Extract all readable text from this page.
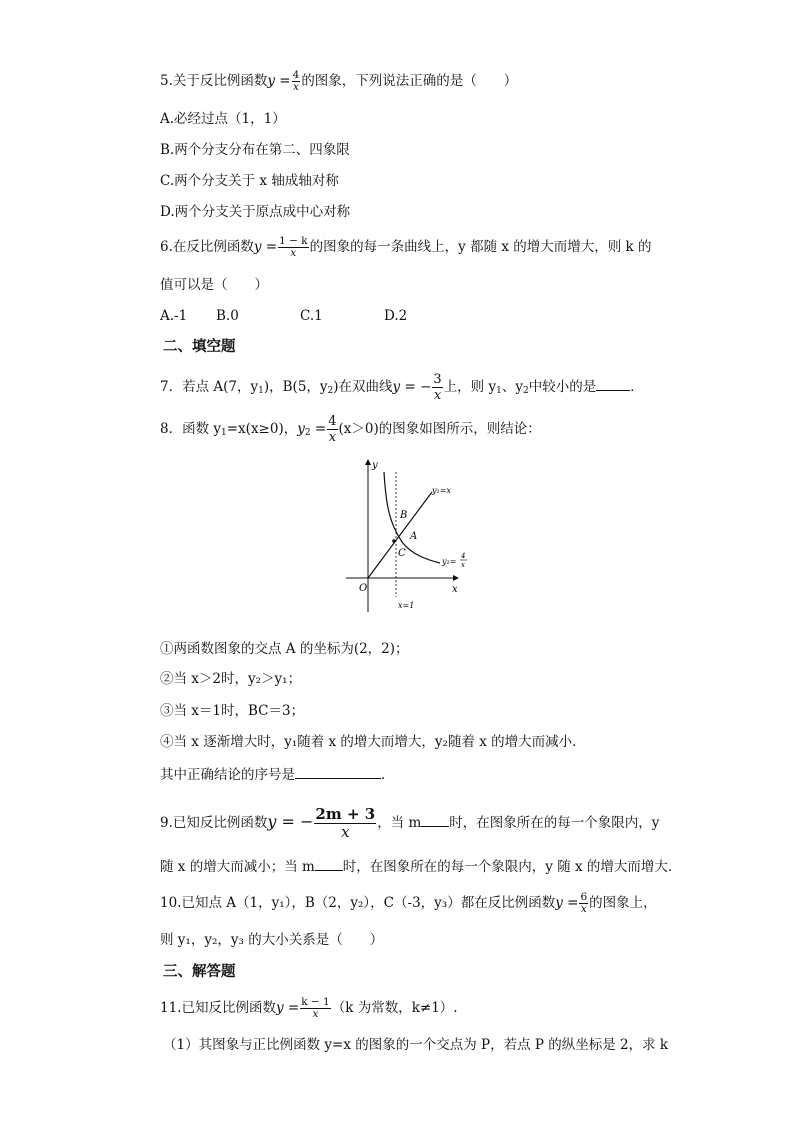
5.关于反比例函数$y = \frac{4}{x}$ 的图象，下列说法正确的是（　　）
A.必经过点（1，1）
B.两个分支分布在第二、四象限
C.两个分支关于 x 轴成轴对称
D.两个分支关于原点成中心对称
6.在反比例函数$y = \frac{1 - k}{x}$ 的图象的每一条曲线上，y 都随 x 的增大而增大，则 k 的
值可以是（　　）
A.-1 B.0	C.1	D.2
二、填空题
7．若点 A(7，$y_1$)，B(5，$y_2$)在双曲线y = − $\frac{3}{x}$ 上，则 $y_1$、$y_2$中较小的是	．
8．函数 $y_1=x(x\ge 0)$，$y_2 = \frac{4}{x} (x>0)$的图象如图所示，则结论：
y
x
O
B
A
C
y₁=x
y₂=
4
x
x=1
①两函数图象的交点 A 的坐标为(2，2)；
②当 x＞2时，y₂＞y₁；
③当 x＝1时，BC＝3；
④当 x 逐渐增大时，y₁随着 x 的增大而增大，y₂随着 x 的增大而减小．
其中正确结论的序号是	．
9.已知反比例函数y = − $\frac{2m + 3}{x}$ ，当 m 时，在图象所在的每一个象限内，y
随 x 的增大而减小；当 m 时，在图象所在的每一个象限内，y 随 x 的增大而增大.
10.已知点 A（1，y₁），B（2，y₂），C（-3，y₃）都在反比例函数$y = \frac{6}{x}$ 的图象上，
则 y₁，y₂，y₃ 的大小关系是（　　）
三、解答题
11.已知反比例函数$y = \frac{k - 1}{x} (k$ 为常数，k≠1）.
（1）其图象与正比例函数 y=x 的图象的一个交点为 P，若点 P 的纵坐标是 2，求 k
